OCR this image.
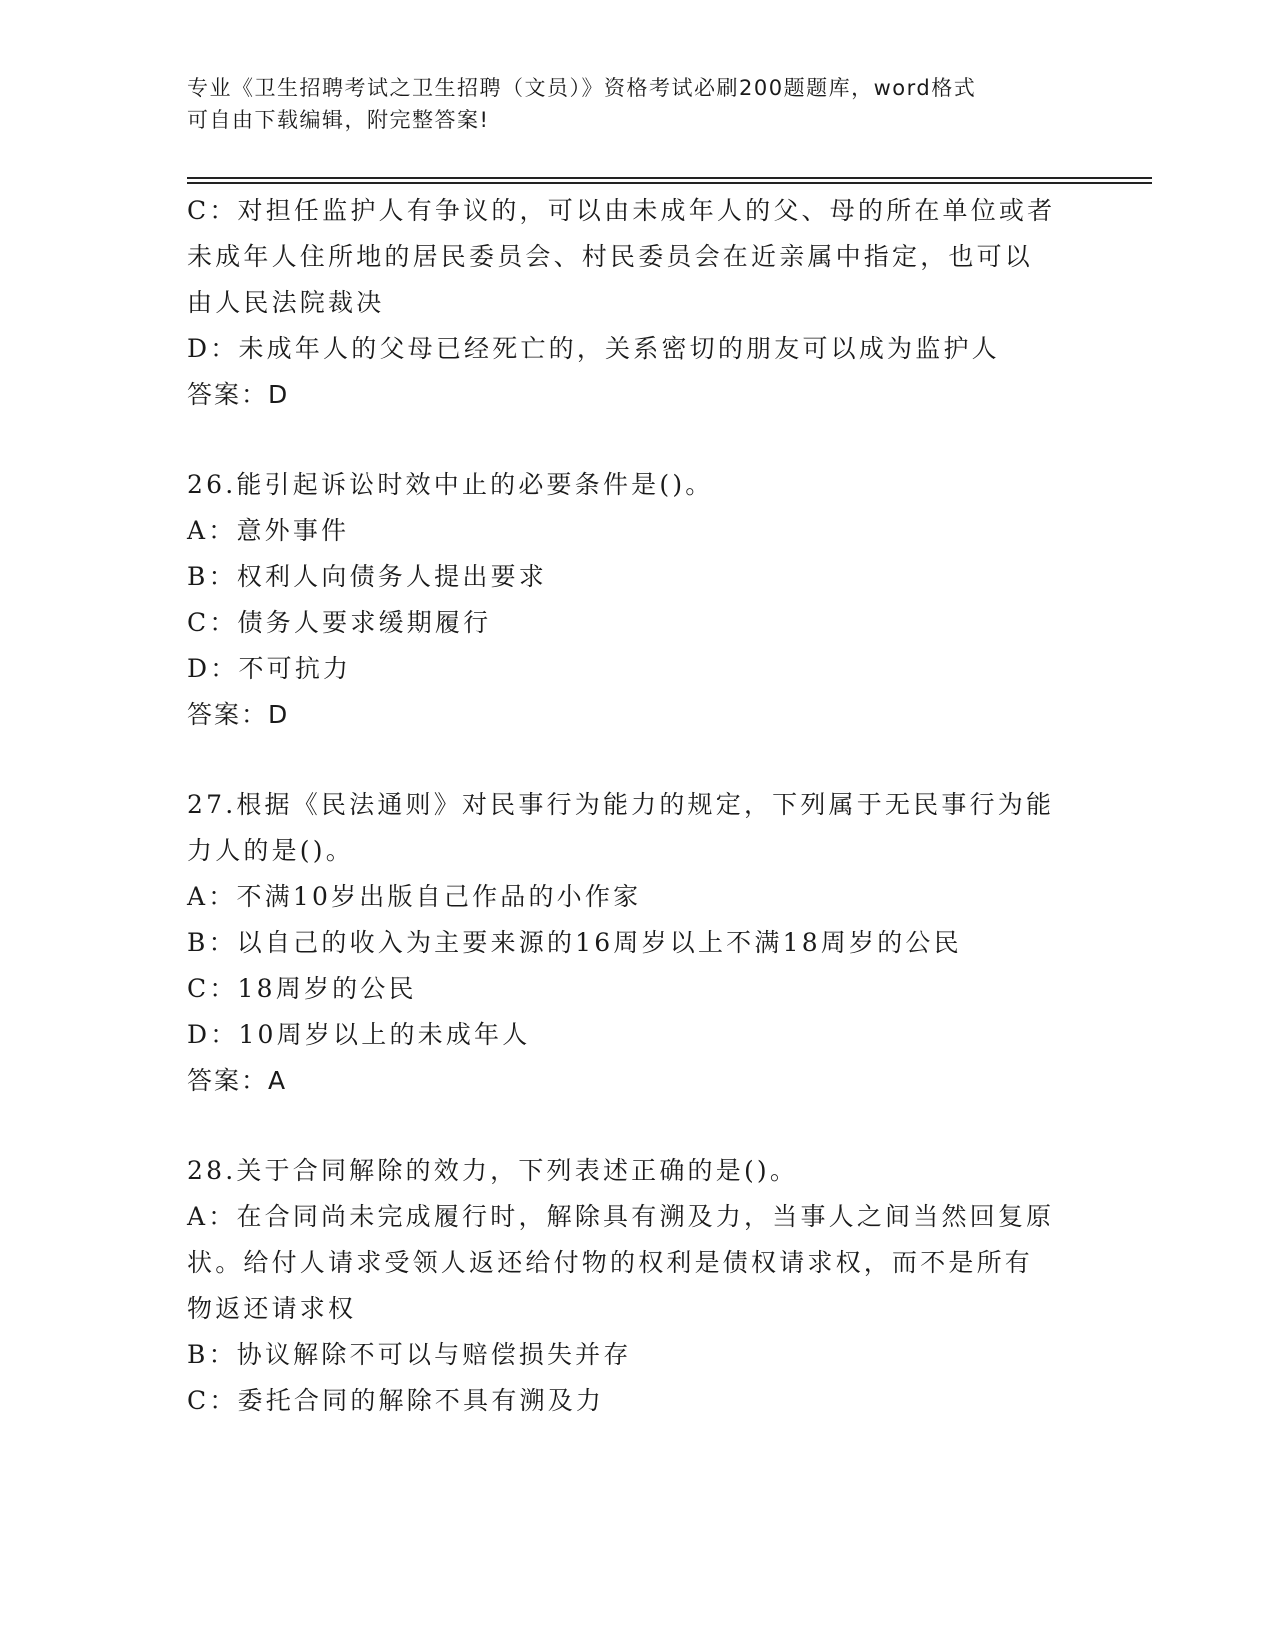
专业《卫生招聘考试之卫生招聘（文员）》资格考试必刷200题题库，word格式
可自由下载编辑，附完整答案!
C：对担任监护人有争议的，可以由未成年人的父、母的所在单位或者
未成年人住所地的居民委员会、村民委员会在近亲属中指定，也可以
由人民法院裁决
D：未成年人的父母已经死亡的，关系密切的朋友可以成为监护人
答案：D
26.能引起诉讼时效中止的必要条件是()。
A：意外事件
B：权利人向债务人提出要求
C：债务人要求缓期履行
D：不可抗力
答案：D
27.根据《民法通则》对民事行为能力的规定，下列属于无民事行为能
力人的是()。
A：不满10岁出版自己作品的小作家
B：以自己的收入为主要来源的16周岁以上不满18周岁的公民
C：18周岁的公民
D：10周岁以上的未成年人
答案：A
28.关于合同解除的效力，下列表述正确的是()。
A：在合同尚未完成履行时，解除具有溯及力，当事人之间当然回复原
状。给付人请求受领人返还给付物的权利是债权请求权，而不是所有
物返还请求权
B：协议解除不可以与赔偿损失并存
C：委托合同的解除不具有溯及力
